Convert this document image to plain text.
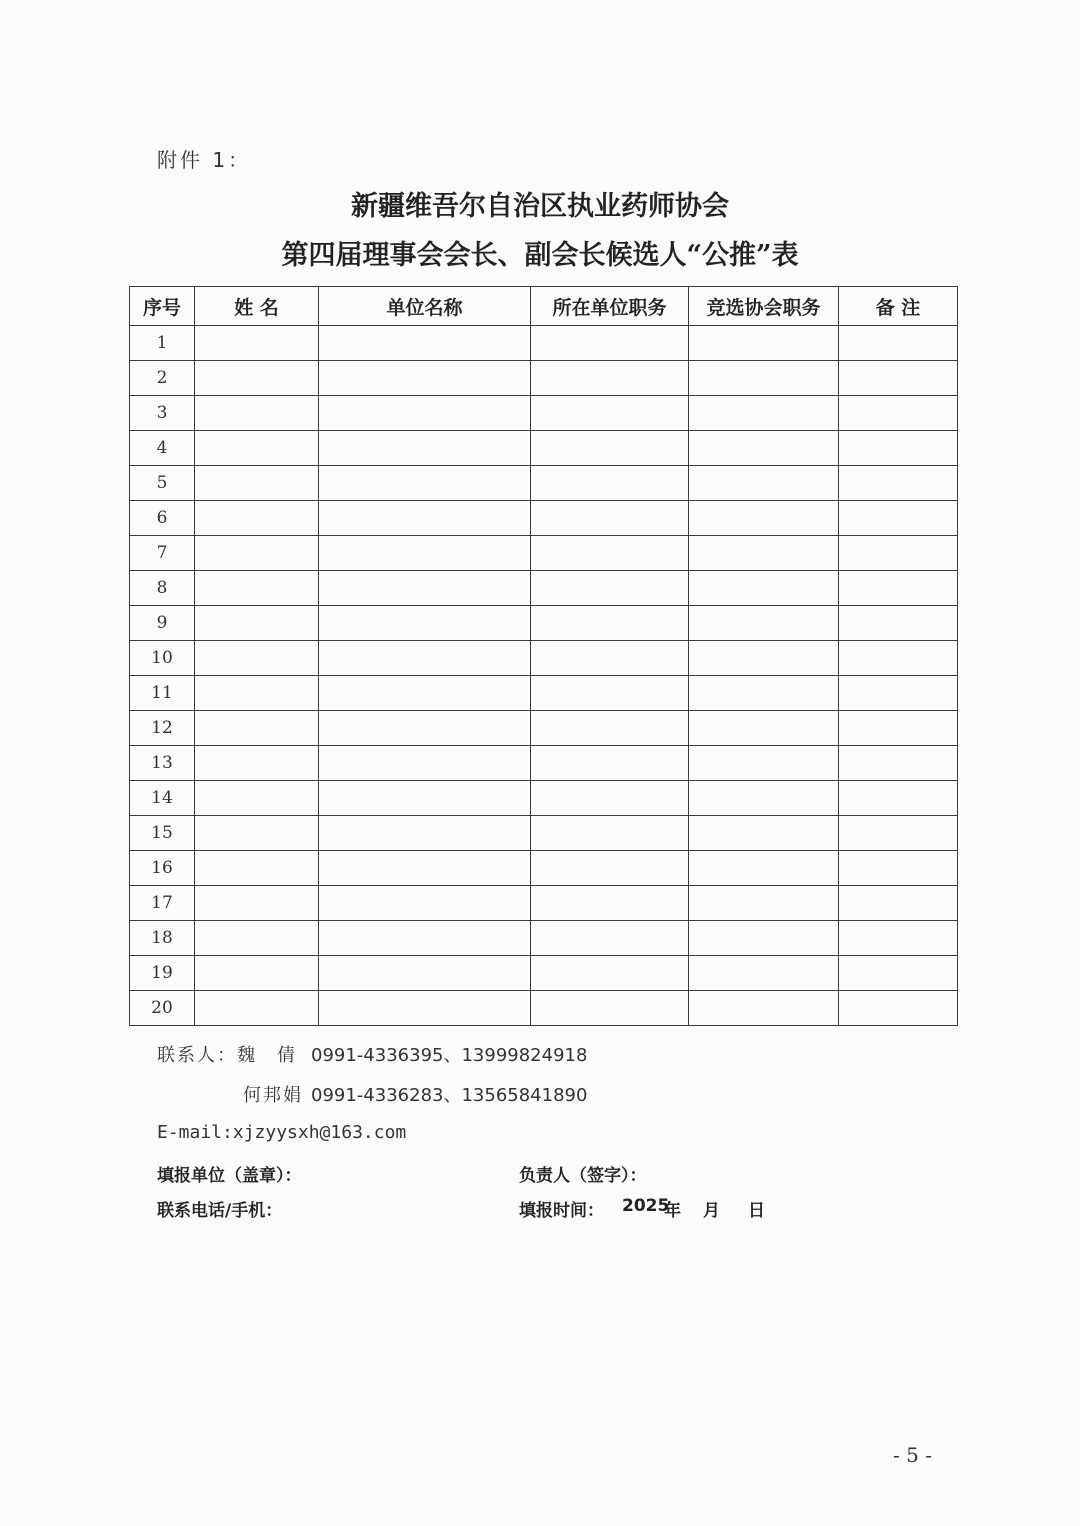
附件 1：
新疆维吾尔自治区执业药师协会
第四届理事会会长、副会长候选人“公推”表
序号	姓 名	单位名称	所在单位职务	竞选协会职务	备 注
1					
2					
3					
4					
5					
6					
7					
8					
9					
10					
11					
12					
13					
14					
15					
16					
17					
18					
19					
20					
联系人：魏　倩 0991-4336395、13999824918
何邦娟 0991-4336283、13565841890
E-mail:xjzyysxh@163.com
填报单位（盖章）：	负责人（签字）：
联系电话/手机：	填报时间： 2025
年 月 日
- 5 -
